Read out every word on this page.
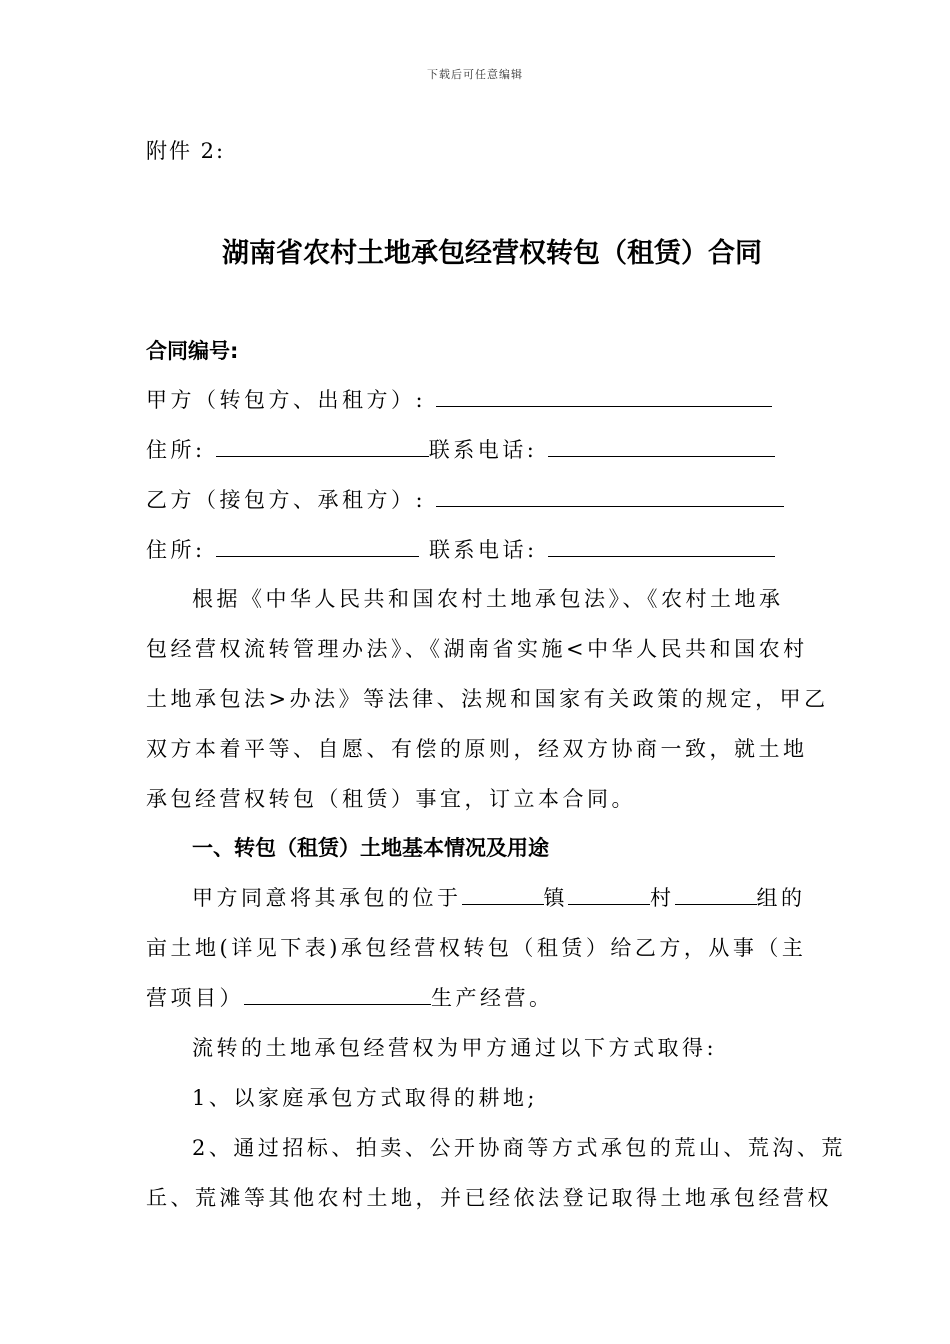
下载后可任意编辑
附件 2:
湖南省农村土地承包经营权转包（租赁）合同
合同编号:
甲方（转包方、出租方）:
住所:	联系电话:
乙方（接包方、承租方）:
住所:	联系电话:
根据《中华人民共和国农村土地承包法》、《农村土地承
包经营权流转管理办法》、《湖南省实施<中华人民共和国农村
土地承包法>办法》等法律、法规和国家有关政策的规定，甲乙
双方本着平等、自愿、有偿的原则，经双方协商一致，就土地
承包经营权转包（租赁）事宜，订立本合同。
一、转包（租赁）土地基本情况及用途
甲方同意将其承包的位于	镇	村	组的
亩土地(详见下表)承包经营权转包（租赁）给乙方，从事（主
营项目）	生产经营。
流转的土地承包经营权为甲方通过以下方式取得:
1、以家庭承包方式取得的耕地;
2、通过招标、拍卖、公开协商等方式承包的荒山、荒沟、荒
丘、荒滩等其他农村土地，并已经依法登记取得土地承包经营权
